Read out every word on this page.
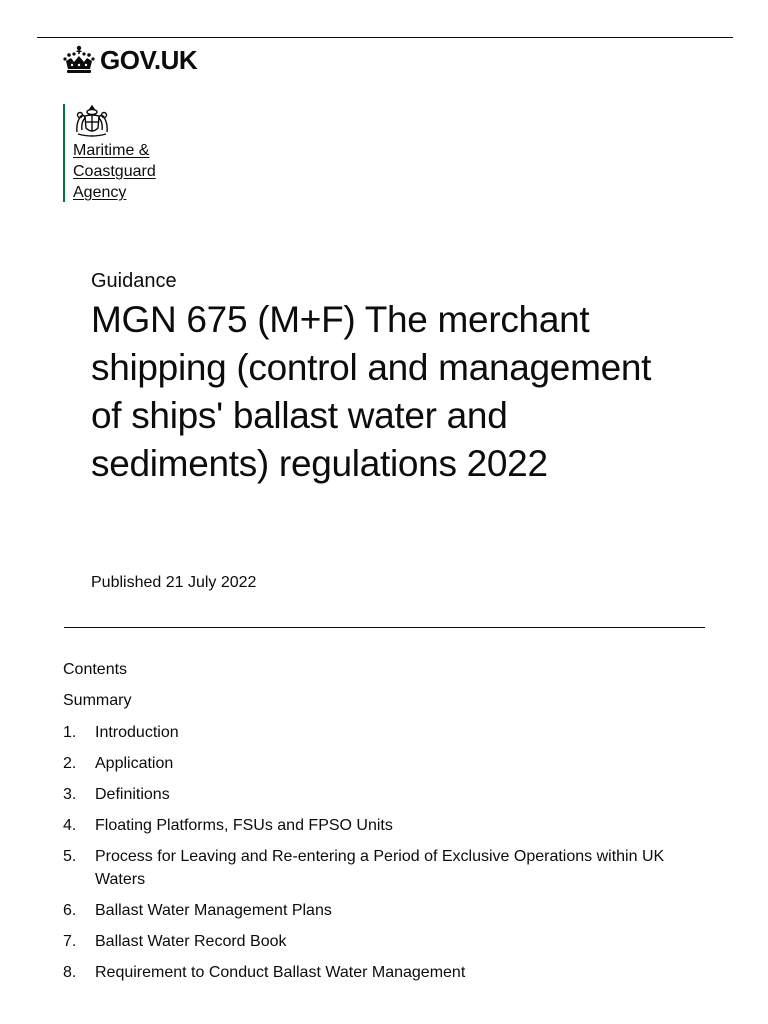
GOV.UK
Maritime &
Coastguard
Agency
Guidance
MGN 675 (M+F) The merchant shipping (control and management of ships' ballast water and sediments) regulations 2022
Published 21 July 2022
Contents
Summary
1.	Introduction
2.	Application
3.	Definitions
4.	Floating Platforms, FSUs and FPSO Units
5.	Process for Leaving and Re-entering a Period of Exclusive Operations within UK Waters
6.	Ballast Water Management Plans
7.	Ballast Water Record Book
8.	Requirement to Conduct Ballast Water Management
